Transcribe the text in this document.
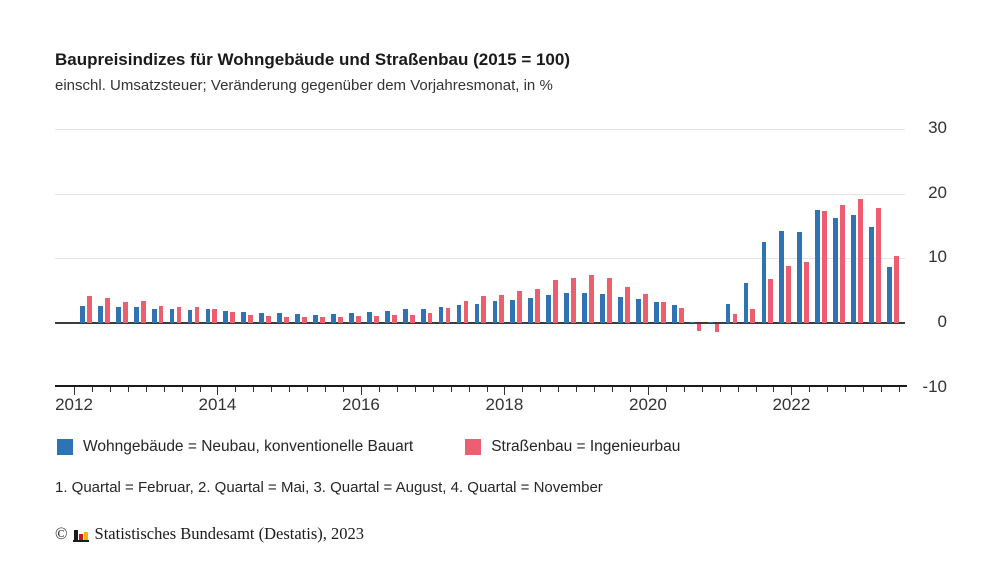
Baupreisindizes für Wohngebäude und Straßenbau (2015 = 100)
einschl. Umsatzsteuer; Veränderung gegenüber dem Vorjahresmonat, in %
30
20
10
0
-10
2012	2014	2016	2018	2020	2022
Wohngebäude = Neubau, konventionelle Bauart	Straßenbau = Ingenieurbau
1. Quartal = Februar, 2. Quartal = Mai, 3. Quartal = August, 4. Quartal = November
© Statistisches Bundesamt (Destatis), 2023
